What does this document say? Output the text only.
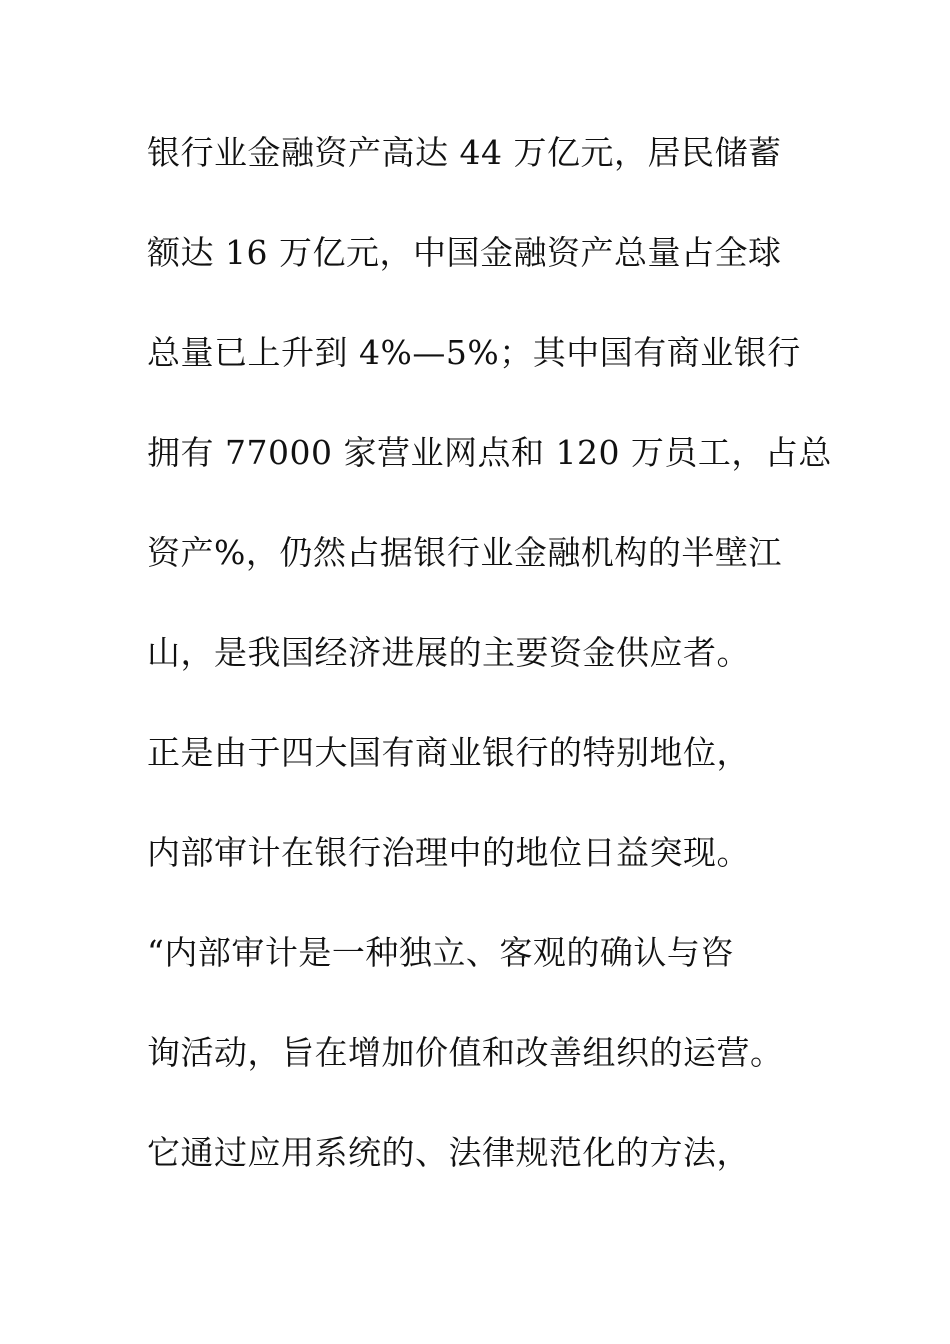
银行业金融资产高达 44 万亿元，居民储蓄
额达 16 万亿元，中国金融资产总量占全球
总量已上升到 4%—5%；其中国有商业银行
拥有 77000 家营业网点和 120 万员工，占总
资产%，仍然占据银行业金融机构的半壁江
山，是我国经济进展的主要资金供应者。
正是由于四大国有商业银行的特别地位，
内部审计在银行治理中的地位日益突现。
“内部审计是一种独立、客观的确认与咨
询活动，旨在增加价值和改善组织的运营。
它通过应用系统的、法律规范化的方法，
